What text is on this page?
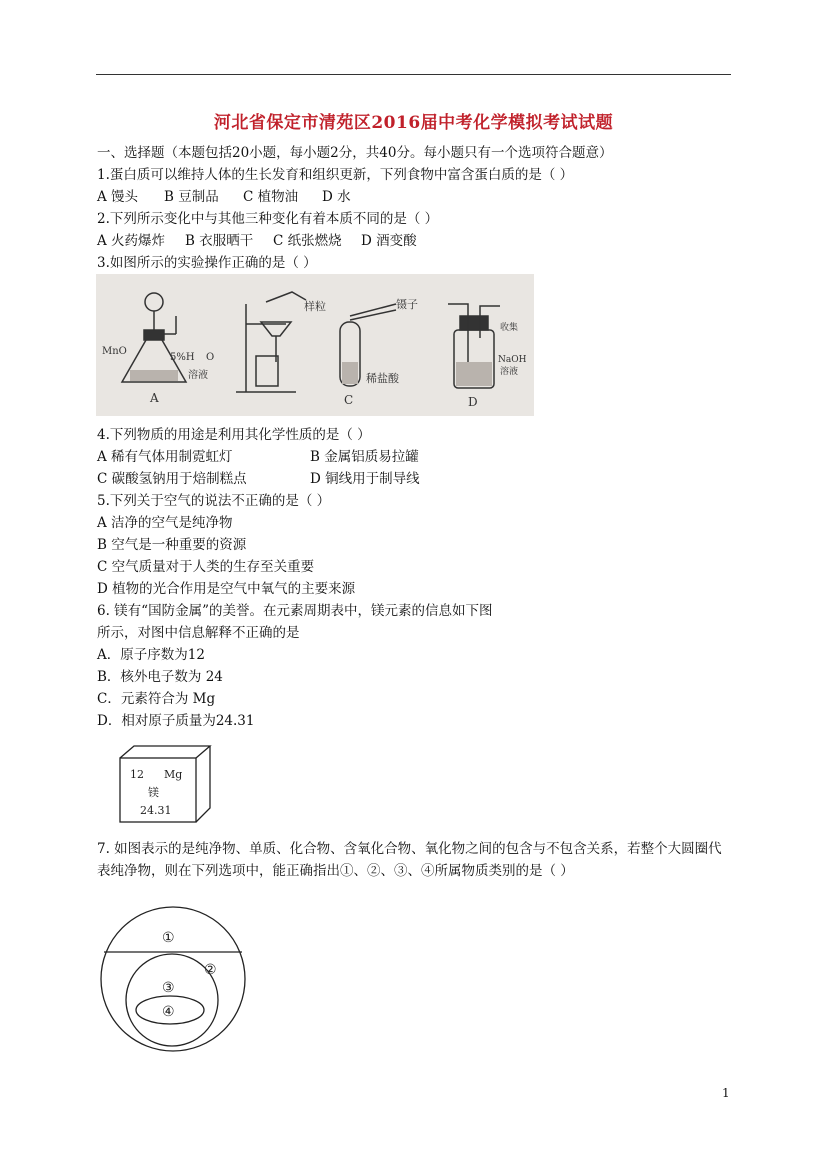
河北省保定市清苑区2016届中考化学模拟考试试题
一、选择题（本题包括20小题，每小题2分，共40分。每小题只有一个选项符合题意）
1.蛋白质可以维持人体的生长发育和组织更新，下列食物中富含蛋白质的是（ ）
A 馒头 B 豆制品 C 植物油 D 水
2.下列所示变化中与其他三种变化有着本质不同的是（ ）
A 火药爆炸 B 衣服晒干 C 纸张燃烧 D 酒变酸
3.如图所示的实验操作正确的是（ ）
MnO
5%H O
溶液
A
样粒	镊子
稀盐酸
C
收集
NaOH
溶液
D
4.下列物质的用途是利用其化学性质的是（ ）
A 稀有气体用制霓虹灯	B 金属铝质易拉罐
C 碳酸氢钠用于焙制糕点	D 铜线用于制导线
5.下列关于空气的说法不正确的是（ ）
A 洁净的空气是纯净物
B 空气是一种重要的资源
C 空气质量对于人类的生存至关重要
D 植物的光合作用是空气中氧气的主要来源
6. 镁有“国防金属”的美誉。在元素周期表中，镁元素的信息如下图
所示，对图中信息解释不正确的是
A．原子序数为12
B．核外电子数为 24
C．元素符合为 Mg
D．相对原子质量为24.31
12 Mg
镁
24.31
7. 如图表示的是纯净物、单质、化合物、含氧化合物、氧化物之间的包含与不包含关系，若整个大圆圈代表纯净物，则在下列选项中，能正确指出①、②、③、④所属物质类别的是（ ）
①
②
③
④
1
